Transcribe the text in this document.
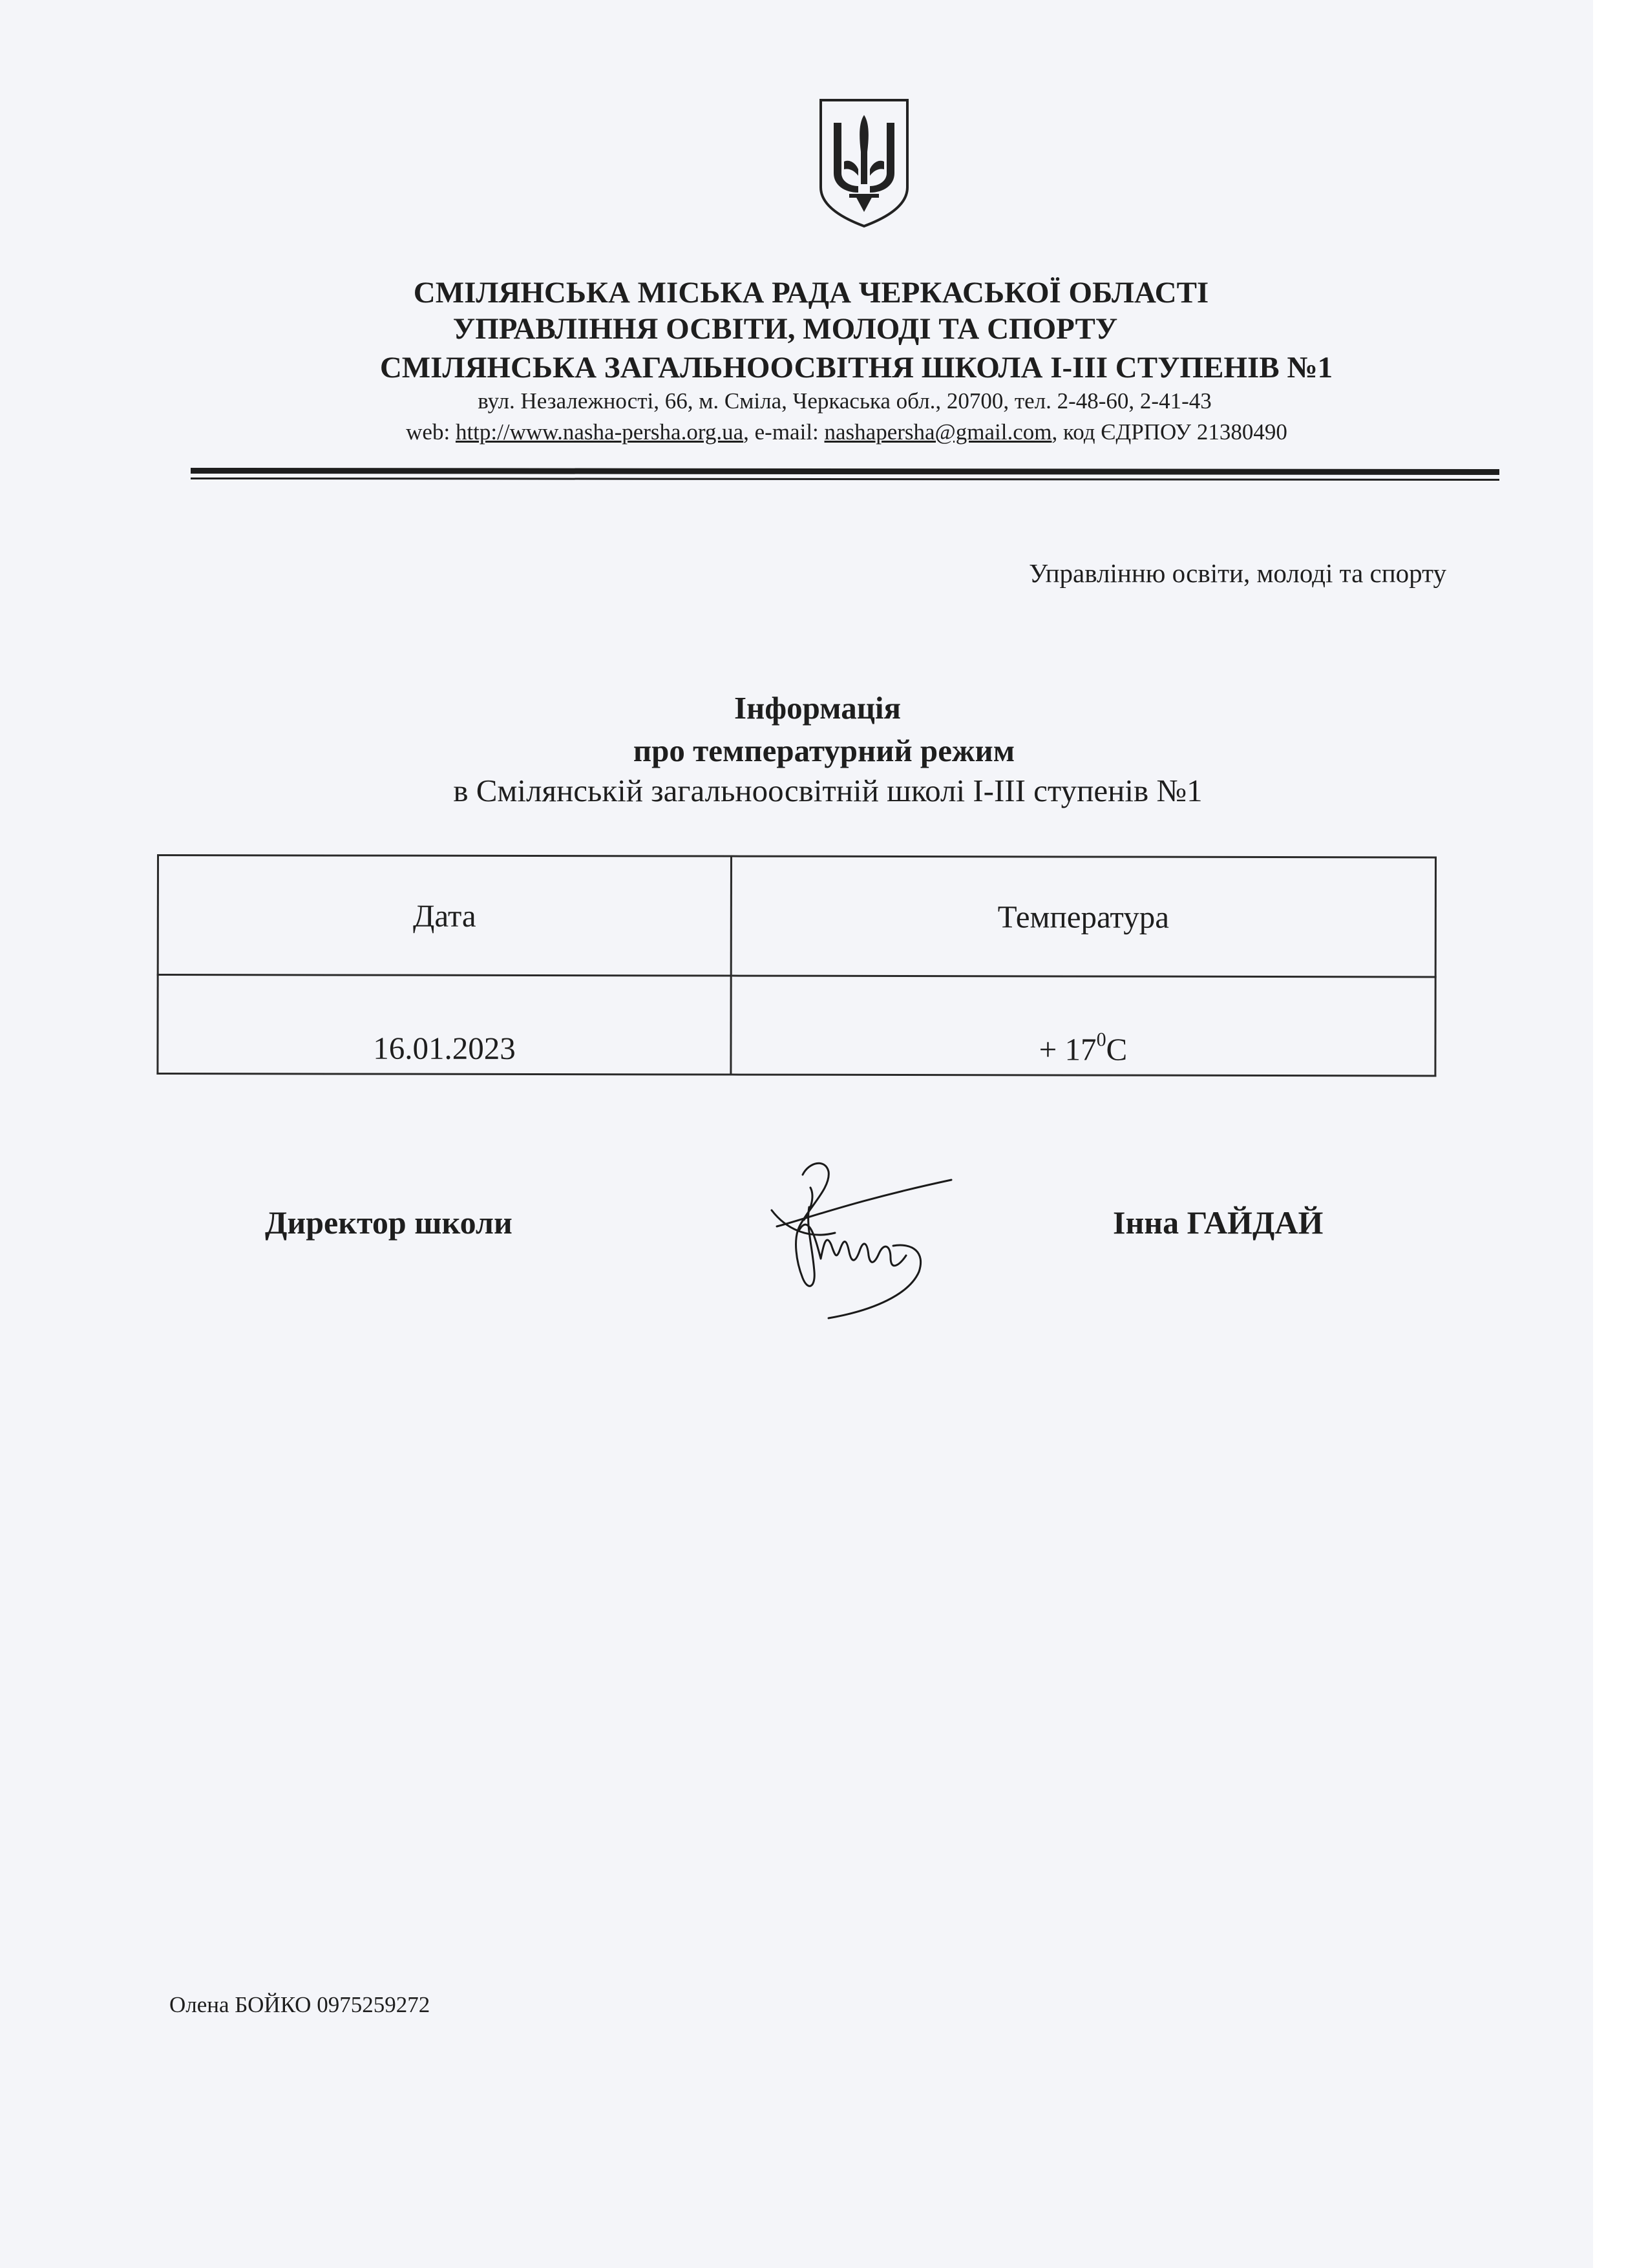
СМІЛЯНСЬКА МІСЬКА РАДА ЧЕРКАСЬКОЇ ОБЛАСТІ
УПРАВЛІННЯ ОСВІТИ, МОЛОДІ ТА СПОРТУ
СМІЛЯНСЬКА ЗАГАЛЬНООСВІТНЯ ШКОЛА І-ІІІ СТУПЕНІВ №1
вул. Незалежності, 66, м. Сміла, Черкаська обл., 20700, тел. 2-48-60, 2-41-43
web: http://www.nasha-persha.org.ua, e-mail: nashapersha@gmail.com, код ЄДРПОУ 21380490
Управлінню освіти, молоді та спорту
Інформація
про температурний режим
в Смілянській загальноосвітній школі І-ІІІ ступенів №1
Дата	Температура
16.01.2023	+ $17^0С$
Директор школи	Інна ГАЙДАЙ
Олена БОЙКО 0975259272
